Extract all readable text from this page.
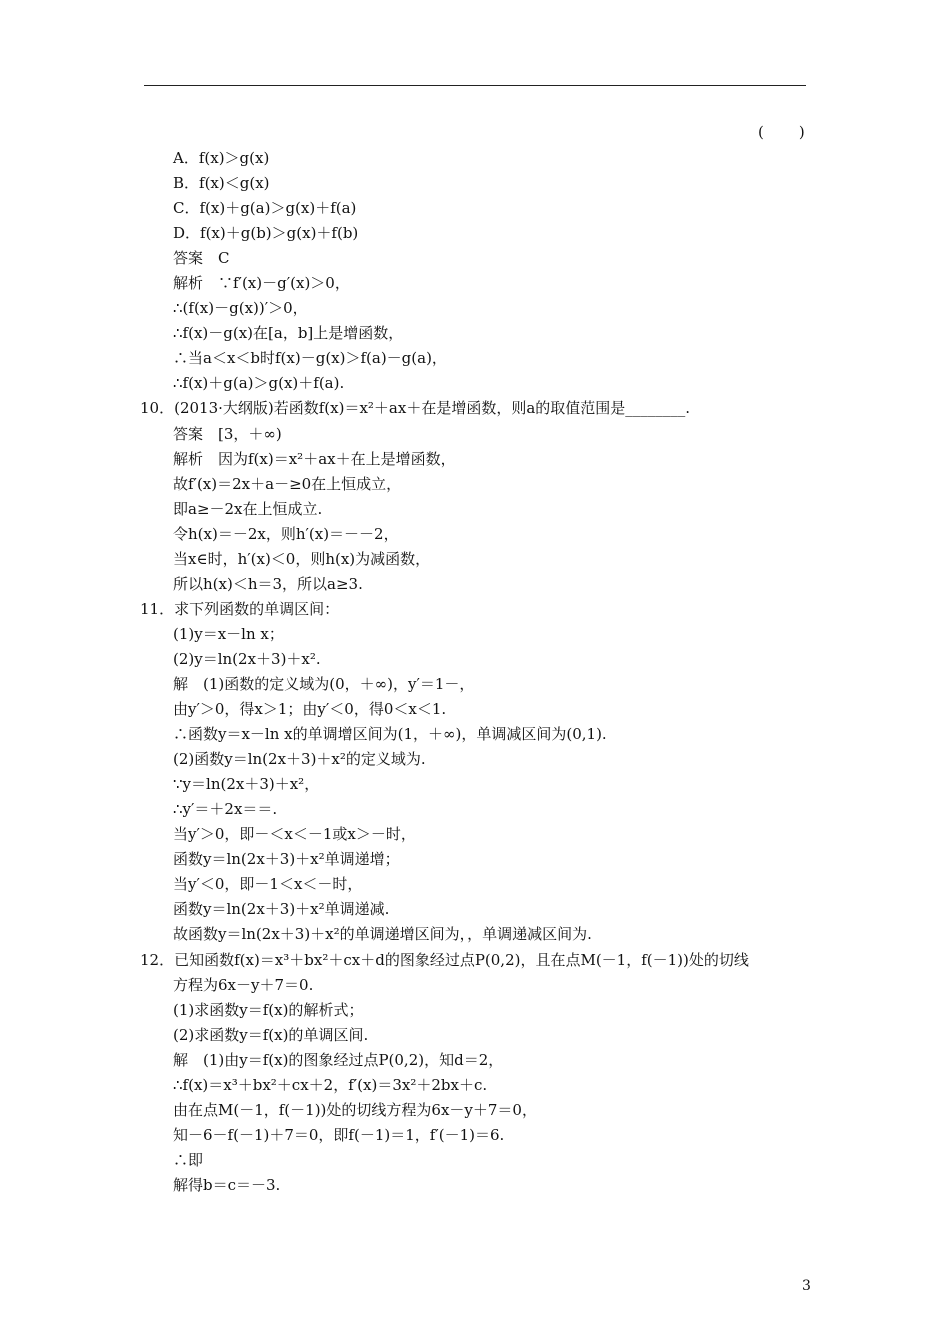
(　)
A．f(x)＞g(x)
B．f(x)＜g(x)
C．f(x)＋g(a)＞g(x)＋f(a)
D．f(x)＋g(b)＞g(x)＋f(b)
答案　C
解析　∵f′(x)－g′(x)＞0，
∴(f(x)－g(x))′＞0，
∴f(x)－g(x)在[a，b]上是增函数，
∴当a＜x＜b时f(x)－g(x)＞f(a)－g(a)，
∴f(x)＋g(a)＞g(x)＋f(a).
10．(2013·大纲版)若函数f(x)＝x²＋ax＋在是增函数，则a的取值范围是________.
答案　[3，＋∞)
解析　因为f(x)＝x²＋ax＋在上是增函数，
故f′(x)＝2x＋a－≥0在上恒成立，
即a≥－2x在上恒成立.
令h(x)＝－2x，则h′(x)＝－－2，
当x∈时，h′(x)＜0，则h(x)为减函数，
所以h(x)＜h＝3，所以a≥3.
11．求下列函数的单调区间：
(1)y＝x－ln x；
(2)y＝ln(2x＋3)＋x².
解　(1)函数的定义域为(0，＋∞)，y′＝1－，
由y′＞0，得x＞1；由y′＜0，得0＜x＜1.
∴函数y＝x－ln x的单调增区间为(1，＋∞)，单调减区间为(0,1).
(2)函数y＝ln(2x＋3)＋x²的定义域为.
∵y＝ln(2x＋3)＋x²，
∴y′＝＋2x＝＝.
当y′＞0，即－＜x＜－1或x＞－时，
函数y＝ln(2x＋3)＋x²单调递增；
当y′＜0，即－1＜x＜－时，
函数y＝ln(2x＋3)＋x²单调递减.
故函数y＝ln(2x＋3)＋x²的单调递增区间为，，单调递减区间为.
12．已知函数f(x)＝x³＋bx²＋cx＋d的图象经过点P(0,2)，且在点M(－1，f(－1))处的切线
方程为6x－y＋7＝0.
(1)求函数y＝f(x)的解析式；
(2)求函数y＝f(x)的单调区间.
解　(1)由y＝f(x)的图象经过点P(0,2)，知d＝2，
∴f(x)＝x³＋bx²＋cx＋2，f′(x)＝3x²＋2bx＋c.
由在点M(－1，f(－1))处的切线方程为6x－y＋7＝0，
知－6－f(－1)＋7＝0，即f(－1)＝1，f′(－1)＝6.
∴即
解得b＝c＝－3.
3
